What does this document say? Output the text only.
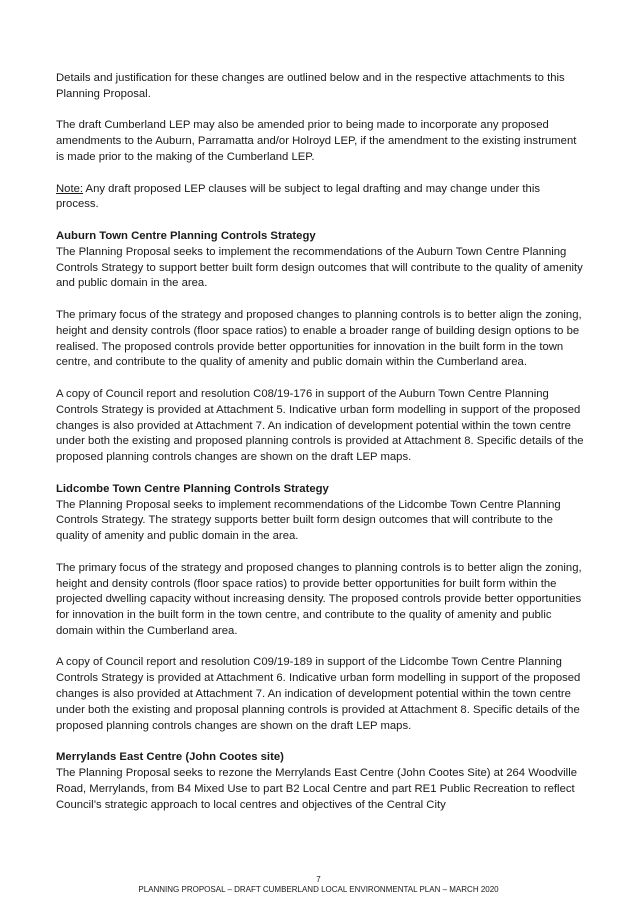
Details and justification for these changes are outlined below and in the respective attachments to this Planning Proposal.

The draft Cumberland LEP may also be amended prior to being made to incorporate any proposed amendments to the Auburn, Parramatta and/or Holroyd LEP, if the amendment to the existing instrument is made prior to the making of the Cumberland LEP.

Note: Any draft proposed LEP clauses will be subject to legal drafting and may change under this process.

Auburn Town Centre Planning Controls Strategy

The Planning Proposal seeks to implement the recommendations of the Auburn Town Centre Planning Controls Strategy to support better built form design outcomes that will contribute to the quality of amenity and public domain in the area.

The primary focus of the strategy and proposed changes to planning controls is to better align the zoning, height and density controls (floor space ratios) to enable a broader range of building design options to be realised. The proposed controls provide better opportunities for innovation in the built form in the town centre, and contribute to the quality of amenity and public domain within the Cumberland area.

A copy of Council report and resolution C08/19-176 in support of the Auburn Town Centre Planning Controls Strategy is provided at Attachment 5. Indicative urban form modelling in support of the proposed changes is also provided at Attachment 7. An indication of development potential within the town centre under both the existing and proposed planning controls is provided at Attachment 8. Specific details of the proposed planning controls changes are shown on the draft LEP maps.

Lidcombe Town Centre Planning Controls Strategy

The Planning Proposal seeks to implement recommendations of the Lidcombe Town Centre Planning Controls Strategy. The strategy supports better built form design outcomes that will contribute to the quality of amenity and public domain in the area.

The primary focus of the strategy and proposed changes to planning controls is to better align the zoning, height and density controls (floor space ratios) to provide better opportunities for built form within the projected dwelling capacity without increasing density. The proposed controls provide better opportunities for innovation in the built form in the town centre, and contribute to the quality of amenity and public domain within the Cumberland area.

A copy of Council report and resolution C09/19-189 in support of the Lidcombe Town Centre Planning Controls Strategy is provided at Attachment 6. Indicative urban form modelling in support of the proposed changes is also provided at Attachment 7. An indication of development potential within the town centre under both the existing and proposal planning controls is provided at Attachment 8. Specific details of the proposed planning controls changes are shown on the draft LEP maps.

Merrylands East Centre (John Cootes site)

The Planning Proposal seeks to rezone the Merrylands East Centre (John Cootes Site) at 264 Woodville Road, Merrylands, from B4 Mixed Use to part B2 Local Centre and part RE1 Public Recreation to reflect Council’s strategic approach to local centres and objectives of the Central City

7
PLANNING PROPOSAL – DRAFT CUMBERLAND LOCAL ENVIRONMENTAL PLAN – MARCH 2020
